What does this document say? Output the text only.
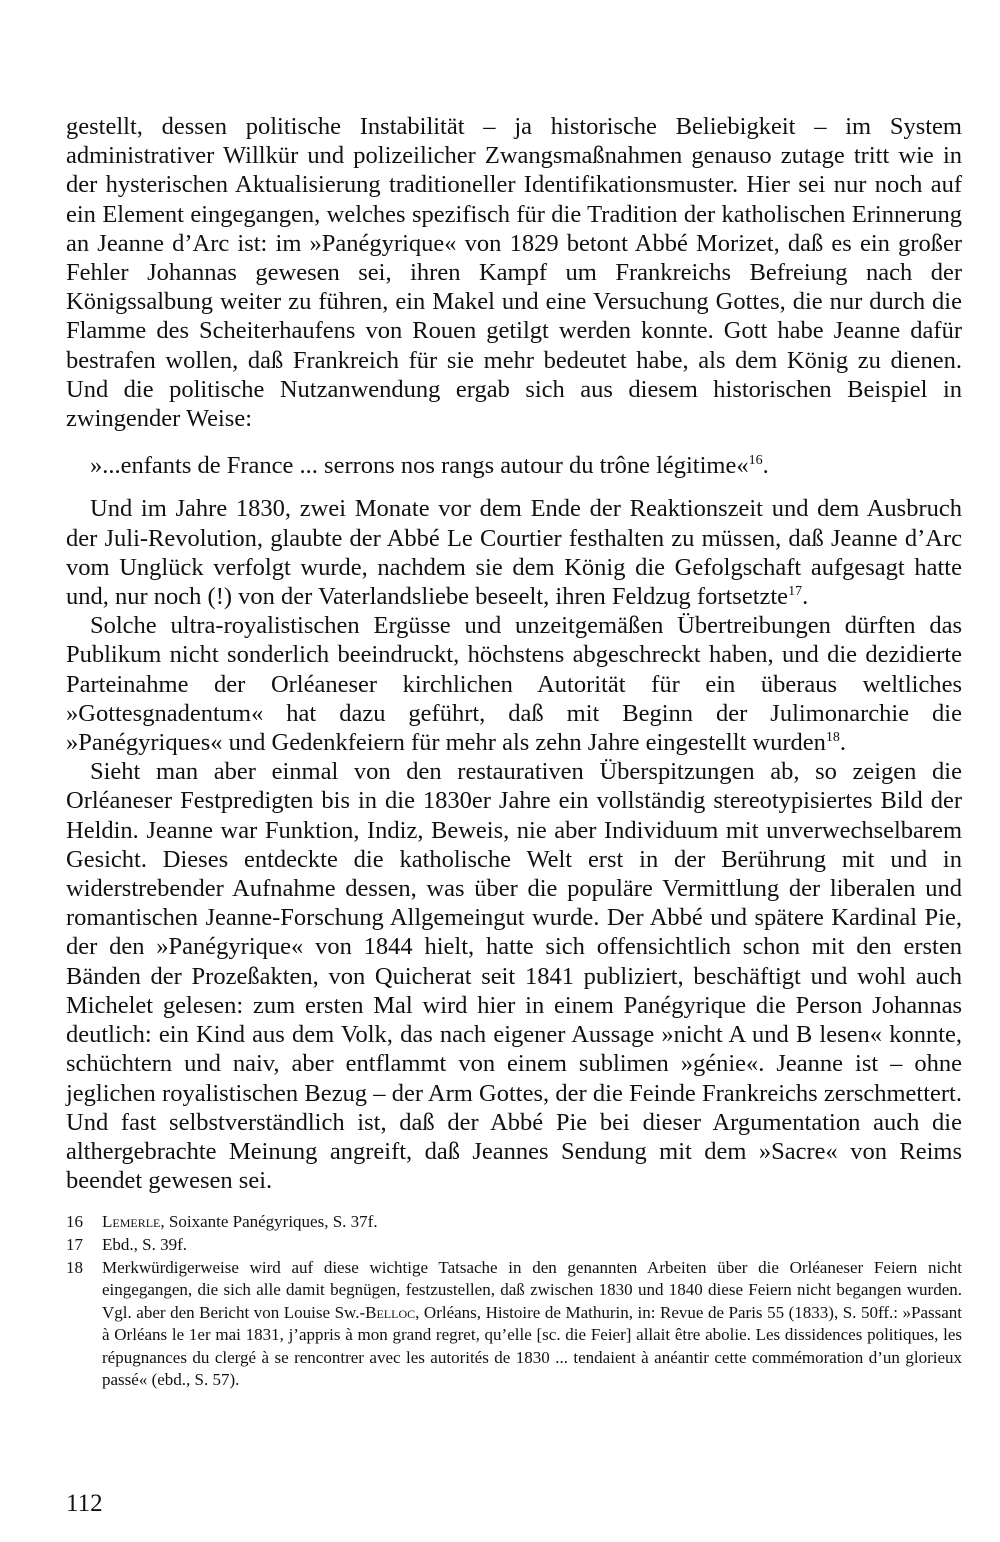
gestellt, dessen politische Instabilität – ja historische Beliebigkeit – im System administrativer Willkür und polizeilicher Zwangsmaßnahmen genauso zutage tritt wie in der hysterischen Aktualisierung traditioneller Identifikationsmuster. Hier sei nur noch auf ein Element eingegangen, welches spezifisch für die Tradition der katholischen Erinnerung an Jeanne d’Arc ist: im »Panégyrique« von 1829 betont Abbé Morizet, daß es ein großer Fehler Johannas gewesen sei, ihren Kampf um Frankreichs Befreiung nach der Königssalbung weiter zu führen, ein Makel und eine Versuchung Gottes, die nur durch die Flamme des Scheiterhaufens von Rouen getilgt werden konnte. Gott habe Jeanne dafür bestrafen wollen, daß Frankreich für sie mehr bedeutet habe, als dem König zu dienen. Und die politische Nutzanwendung ergab sich aus diesem historischen Beispiel in zwingender Weise:

»...enfants de France ... serrons nos rangs autour du trône légitime«$^{16}$.

Und im Jahre 1830, zwei Monate vor dem Ende der Reaktionszeit und dem Ausbruch der Juli-Revolution, glaubte der Abbé Le Courtier festhalten zu müssen, daß Jeanne d’Arc vom Unglück verfolgt wurde, nachdem sie dem König die Gefolgschaft aufgesagt hatte und, nur noch (!) von der Vaterlandsliebe beseelt, ihren Feldzug fortsetzte$^{17}$.

Solche ultra-royalistischen Ergüsse und unzeitgemäßen Übertreibungen dürften das Publikum nicht sonderlich beeindruckt, höchstens abgeschreckt haben, und die dezidierte Parteinahme der Orléaneser kirchlichen Autorität für ein überaus weltliches »Gottesgnadentum« hat dazu geführt, daß mit Beginn der Julimonarchie die »Panégyriques« und Gedenkfeiern für mehr als zehn Jahre eingestellt wurden$^{18}$.

Sieht man aber einmal von den restaurativen Überspitzungen ab, so zeigen die Orléaneser Festpredigten bis in die 1830er Jahre ein vollständig stereotypisiertes Bild der Heldin. Jeanne war Funktion, Indiz, Beweis, nie aber Individuum mit unverwechselbarem Gesicht. Dieses entdeckte die katholische Welt erst in der Berührung mit und in widerstrebender Aufnahme dessen, was über die populäre Vermittlung der liberalen und romantischen Jeanne-Forschung Allgemeingut wurde. Der Abbé und spätere Kardinal Pie, der den »Panégyrique« von 1844 hielt, hatte sich offensichtlich schon mit den ersten Bänden der Prozeßakten, von Quicherat seit 1841 publiziert, beschäftigt und wohl auch Michelet gelesen: zum ersten Mal wird hier in einem Panégyrique die Person Johannas deutlich: ein Kind aus dem Volk, das nach eigener Aussage »nicht A und B lesen« konnte, schüchtern und naiv, aber entflammt von einem sublimen »génie«. Jeanne ist – ohne jeglichen royalistischen Bezug – der Arm Gottes, der die Feinde Frankreichs zerschmettert. Und fast selbstverständlich ist, daß der Abbé Pie bei dieser Argumentation auch die althergebrachte Meinung angreift, daß Jeannes Sendung mit dem »Sacre« von Reims beendet gewesen sei.

16	Lemerle, Soixante Panégyriques, S. 37f.
17	Ebd., S. 39f.
18	Merkwürdigerweise wird auf diese wichtige Tatsache in den genannten Arbeiten über die Orléaneser Feiern nicht eingegangen, die sich alle damit begnügen, festzustellen, daß zwischen 1830 und 1840 diese Feiern nicht begangen wurden. Vgl. aber den Bericht von Louise Sw.-Belloc, Orléans, Histoire de Mathurin, in: Revue de Paris 55 (1833), S. 50ff.: »Passant à Orléans le 1er mai 1831, j’appris à mon grand regret, qu’elle [sc. die Feier] allait être abolie. Les dissidences politiques, les répugnances du clergé à se rencontrer avec les autorités de 1830 ... tendaient à anéantir cette commémoration d’un glorieux passé« (ebd., S. 57).
112
